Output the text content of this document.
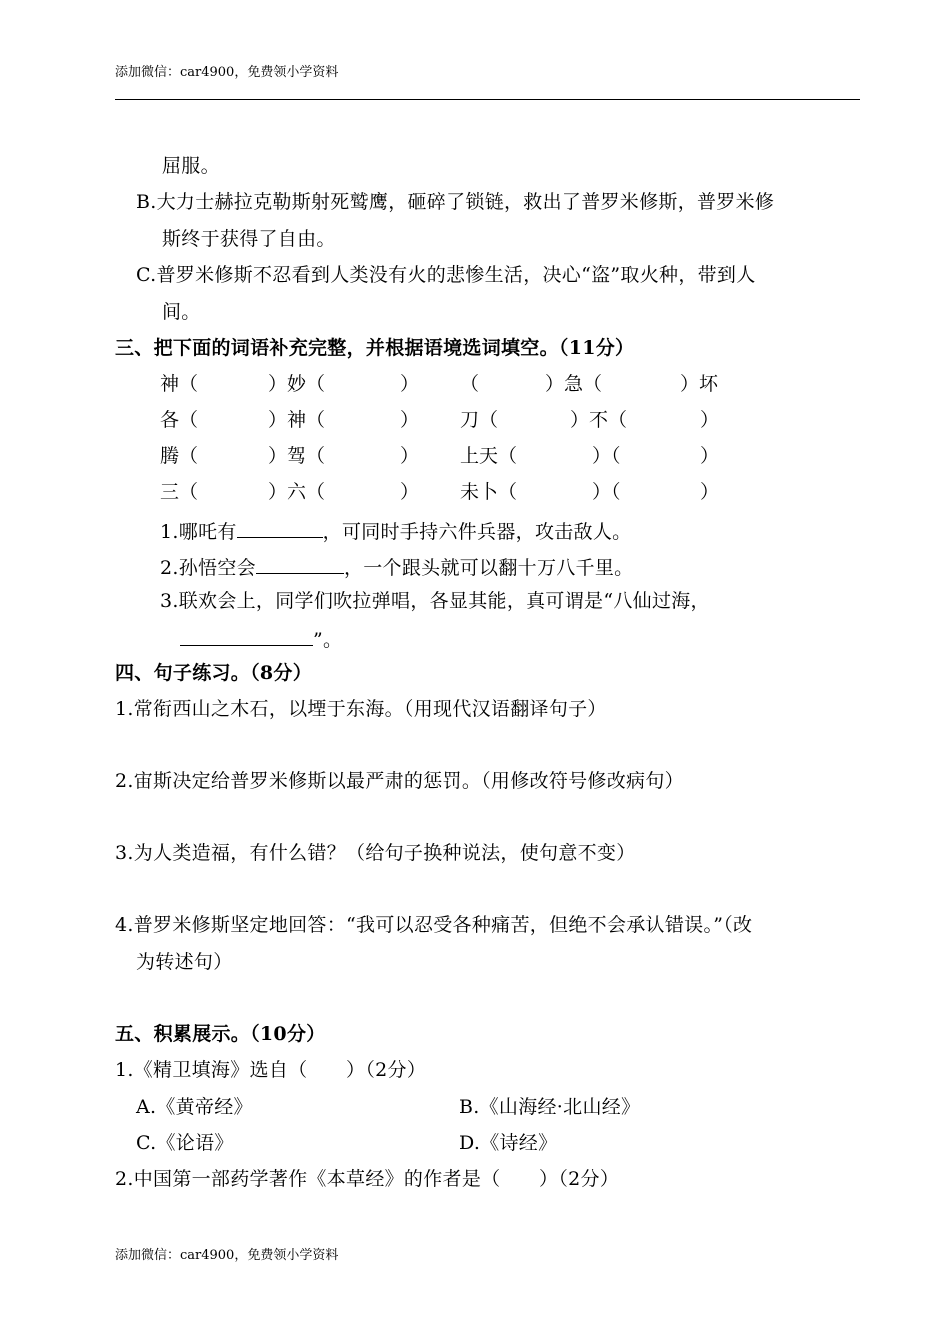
添加微信：car4900，免费领小学资料
屈服。
B.大力士赫拉克勒斯射死鹫鹰，砸碎了锁链，救出了普罗米修斯，普罗米修
斯终于获得了自由。
C.普罗米修斯不忍看到人类没有火的悲惨生活，决心“盗”取火种，带到人
间。
三、把下面的词语补充完整，并根据语境选词填空。（11分）
神（	）妙（	） （	）急（	）坏
各（	）神（	） 刀（	）不（	）
腾（	）驾（	） 上天（	）（	）
三（	）六（	） 未卜（	）（	）
1.哪吒有	，可同时手持六件兵器，攻击敌人。
2.孙悟空会	，一个跟头就可以翻十万八千里。
3.联欢会上，同学们吹拉弹唱，各显其能，真可谓是“八仙过海，
”。
四、句子练习。（8分）
1.常衔西山之木石，以堙于东海。（用现代汉语翻译句子）
2.宙斯决定给普罗米修斯以最严肃的惩罚。（用修改符号修改病句）
3.为人类造福，有什么错？（给句子换种说法，使句意不变）
4.普罗米修斯坚定地回答：“我可以忍受各种痛苦，但绝不会承认错误。”（改
为转述句）
五、积累展示。（10分）
1.《精卫填海》选自（　　）（2分）
A.《黄帝经》	B.《山海经·北山经》
C.《论语》	D.《诗经》
2.中国第一部药学著作《本草经》的作者是（　　）（2分）
添加微信：car4900，免费领小学资料
